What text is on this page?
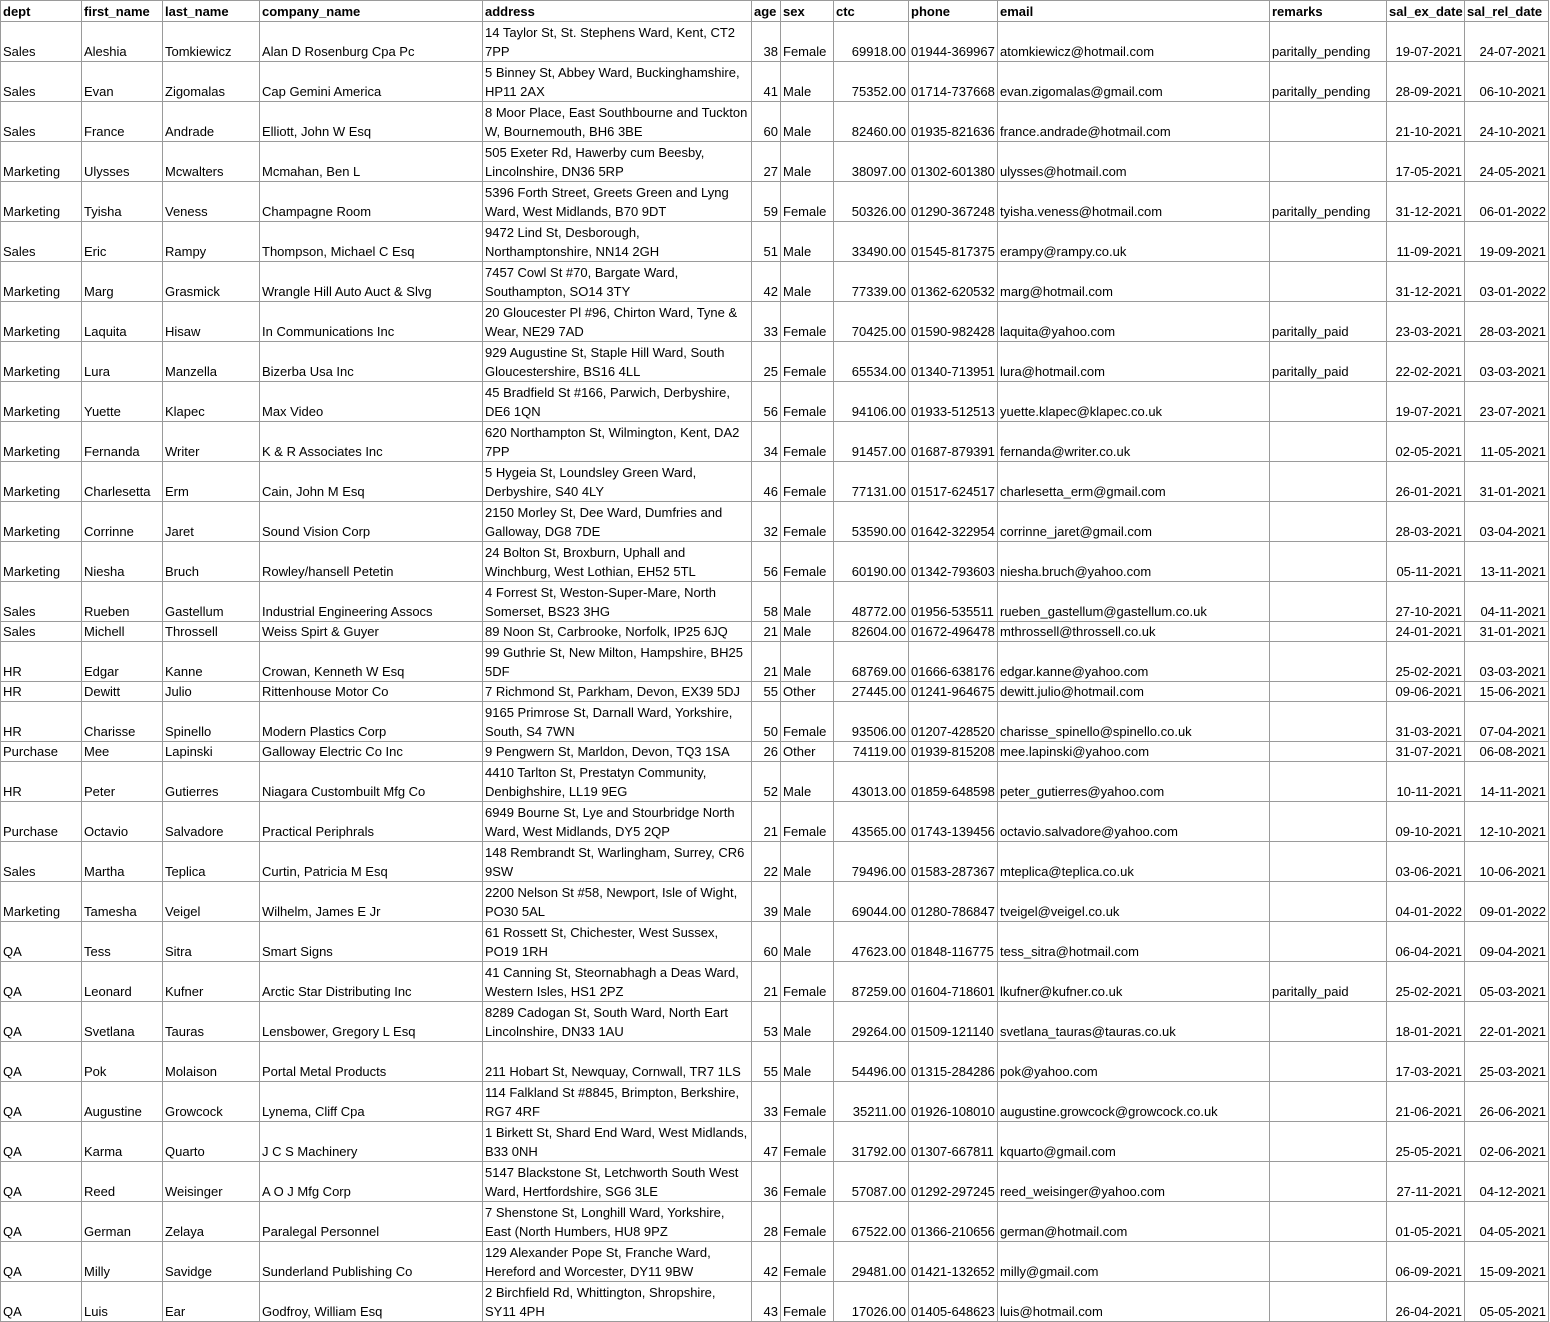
dept	first_name	last_name	company_name	address	age	sex	ctc	phone	email	remarks	sal_ex_date	sal_rel_date
Sales	Aleshia	Tomkiewicz	Alan D Rosenburg Cpa Pc	14 Taylor St, St. Stephens Ward, Kent, CT2 7PP	38	Female	69918.00	01944-369967	atomkiewicz@hotmail.com	paritally_pending	19-07-2021	24-07-2021
Sales	Evan	Zigomalas	Cap Gemini America	5 Binney St, Abbey Ward, Buckinghamshire, HP11 2AX	41	Male	75352.00	01714-737668	evan.zigomalas@gmail.com	paritally_pending	28-09-2021	06-10-2021
Sales	France	Andrade	Elliott, John W Esq	8 Moor Place, East Southbourne and Tuckton W, Bournemouth, BH6 3BE	60	Male	82460.00	01935-821636	france.andrade@hotmail.com		21-10-2021	24-10-2021
Marketing	Ulysses	Mcwalters	Mcmahan, Ben L	505 Exeter Rd, Hawerby cum Beesby, Lincolnshire, DN36 5RP	27	Male	38097.00	01302-601380	ulysses@hotmail.com		17-05-2021	24-05-2021
Marketing	Tyisha	Veness	Champagne Room	5396 Forth Street, Greets Green and Lyng Ward, West Midlands, B70 9DT	59	Female	50326.00	01290-367248	tyisha.veness@hotmail.com	paritally_pending	31-12-2021	06-01-2022
Sales	Eric	Rampy	Thompson, Michael C Esq	9472 Lind St, Desborough, Northamptonshire, NN14 2GH	51	Male	33490.00	01545-817375	erampy@rampy.co.uk		11-09-2021	19-09-2021
Marketing	Marg	Grasmick	Wrangle Hill Auto Auct & Slvg	7457 Cowl St #70, Bargate Ward, Southampton, SO14 3TY	42	Male	77339.00	01362-620532	marg@hotmail.com		31-12-2021	03-01-2022
Marketing	Laquita	Hisaw	In Communications Inc	20 Gloucester Pl #96, Chirton Ward, Tyne & Wear, NE29 7AD	33	Female	70425.00	01590-982428	laquita@yahoo.com	paritally_paid	23-03-2021	28-03-2021
Marketing	Lura	Manzella	Bizerba Usa Inc	929 Augustine St, Staple Hill Ward, South Gloucestershire, BS16 4LL	25	Female	65534.00	01340-713951	lura@hotmail.com	paritally_paid	22-02-2021	03-03-2021
Marketing	Yuette	Klapec	Max Video	45 Bradfield St #166, Parwich, Derbyshire, DE6 1QN	56	Female	94106.00	01933-512513	yuette.klapec@klapec.co.uk		19-07-2021	23-07-2021
Marketing	Fernanda	Writer	K & R Associates Inc	620 Northampton St, Wilmington, Kent, DA2 7PP	34	Female	91457.00	01687-879391	fernanda@writer.co.uk		02-05-2021	11-05-2021
Marketing	Charlesetta	Erm	Cain, John M Esq	5 Hygeia St, Loundsley Green Ward, Derbyshire, S40 4LY	46	Female	77131.00	01517-624517	charlesetta_erm@gmail.com		26-01-2021	31-01-2021
Marketing	Corrinne	Jaret	Sound Vision Corp	2150 Morley St, Dee Ward, Dumfries and Galloway, DG8 7DE	32	Female	53590.00	01642-322954	corrinne_jaret@gmail.com		28-03-2021	03-04-2021
Marketing	Niesha	Bruch	Rowley/hansell Petetin	24 Bolton St, Broxburn, Uphall and Winchburg, West Lothian, EH52 5TL	56	Female	60190.00	01342-793603	niesha.bruch@yahoo.com		05-11-2021	13-11-2021
Sales	Rueben	Gastellum	Industrial Engineering Assocs	4 Forrest St, Weston-Super-Mare, North Somerset, BS23 3HG	58	Male	48772.00	01956-535511	rueben_gastellum@gastellum.co.uk		27-10-2021	04-11-2021
Sales	Michell	Throssell	Weiss Spirt & Guyer	89 Noon St, Carbrooke, Norfolk, IP25 6JQ	21	Male	82604.00	01672-496478	mthrossell@throssell.co.uk		24-01-2021	31-01-2021
HR	Edgar	Kanne	Crowan, Kenneth W Esq	99 Guthrie St, New Milton, Hampshire, BH25 5DF	21	Male	68769.00	01666-638176	edgar.kanne@yahoo.com		25-02-2021	03-03-2021
HR	Dewitt	Julio	Rittenhouse Motor Co	7 Richmond St, Parkham, Devon, EX39 5DJ	55	Other	27445.00	01241-964675	dewitt.julio@hotmail.com		09-06-2021	15-06-2021
HR	Charisse	Spinello	Modern Plastics Corp	9165 Primrose St, Darnall Ward, Yorkshire, South, S4 7WN	50	Female	93506.00	01207-428520	charisse_spinello@spinello.co.uk		31-03-2021	07-04-2021
Purchase	Mee	Lapinski	Galloway Electric Co Inc	9 Pengwern St, Marldon, Devon, TQ3 1SA	26	Other	74119.00	01939-815208	mee.lapinski@yahoo.com		31-07-2021	06-08-2021
HR	Peter	Gutierres	Niagara Custombuilt Mfg Co	4410 Tarlton St, Prestatyn Community, Denbighshire, LL19 9EG	52	Male	43013.00	01859-648598	peter_gutierres@yahoo.com		10-11-2021	14-11-2021
Purchase	Octavio	Salvadore	Practical Periphrals	6949 Bourne St, Lye and Stourbridge North Ward, West Midlands, DY5 2QP	21	Female	43565.00	01743-139456	octavio.salvadore@yahoo.com		09-10-2021	12-10-2021
Sales	Martha	Teplica	Curtin, Patricia M Esq	148 Rembrandt St, Warlingham, Surrey, CR6 9SW	22	Male	79496.00	01583-287367	mteplica@teplica.co.uk		03-06-2021	10-06-2021
Marketing	Tamesha	Veigel	Wilhelm, James E Jr	2200 Nelson St #58, Newport, Isle of Wight, PO30 5AL	39	Male	69044.00	01280-786847	tveigel@veigel.co.uk		04-01-2022	09-01-2022
QA	Tess	Sitra	Smart Signs	61 Rossett St, Chichester, West Sussex, PO19 1RH	60	Male	47623.00	01848-116775	tess_sitra@hotmail.com		06-04-2021	09-04-2021
QA	Leonard	Kufner	Arctic Star Distributing Inc	41 Canning St, Steornabhagh a Deas Ward, Western Isles, HS1 2PZ	21	Female	87259.00	01604-718601	lkufner@kufner.co.uk	paritally_paid	25-02-2021	05-03-2021
QA	Svetlana	Tauras	Lensbower, Gregory L Esq	8289 Cadogan St, South Ward, North Eart Lincolnshire, DN33 1AU	53	Male	29264.00	01509-121140	svetlana_tauras@tauras.co.uk		18-01-2021	22-01-2021
QA	Pok	Molaison	Portal Metal Products	211 Hobart St, Newquay, Cornwall, TR7 1LS	55	Male	54496.00	01315-284286	pok@yahoo.com		17-03-2021	25-03-2021
QA	Augustine	Growcock	Lynema, Cliff Cpa	114 Falkland St #8845, Brimpton, Berkshire, RG7 4RF	33	Female	35211.00	01926-108010	augustine.growcock@growcock.co.uk		21-06-2021	26-06-2021
QA	Karma	Quarto	J C S Machinery	1 Birkett St, Shard End Ward, West Midlands, B33 0NH	47	Female	31792.00	01307-667811	kquarto@gmail.com		25-05-2021	02-06-2021
QA	Reed	Weisinger	A O J Mfg Corp	5147 Blackstone St, Letchworth South West Ward, Hertfordshire, SG6 3LE	36	Female	57087.00	01292-297245	reed_weisinger@yahoo.com		27-11-2021	04-12-2021
QA	German	Zelaya	Paralegal Personnel	7 Shenstone St, Longhill Ward, Yorkshire, East (North Humbers, HU8 9PZ	28	Female	67522.00	01366-210656	german@hotmail.com		01-05-2021	04-05-2021
QA	Milly	Savidge	Sunderland Publishing Co	129 Alexander Pope St, Franche Ward, Hereford and Worcester, DY11 9BW	42	Female	29481.00	01421-132652	milly@gmail.com		06-09-2021	15-09-2021
QA	Luis	Ear	Godfroy, William Esq	2 Birchfield Rd, Whittington, Shropshire, SY11 4PH	43	Female	17026.00	01405-648623	luis@hotmail.com		26-04-2021	05-05-2021
